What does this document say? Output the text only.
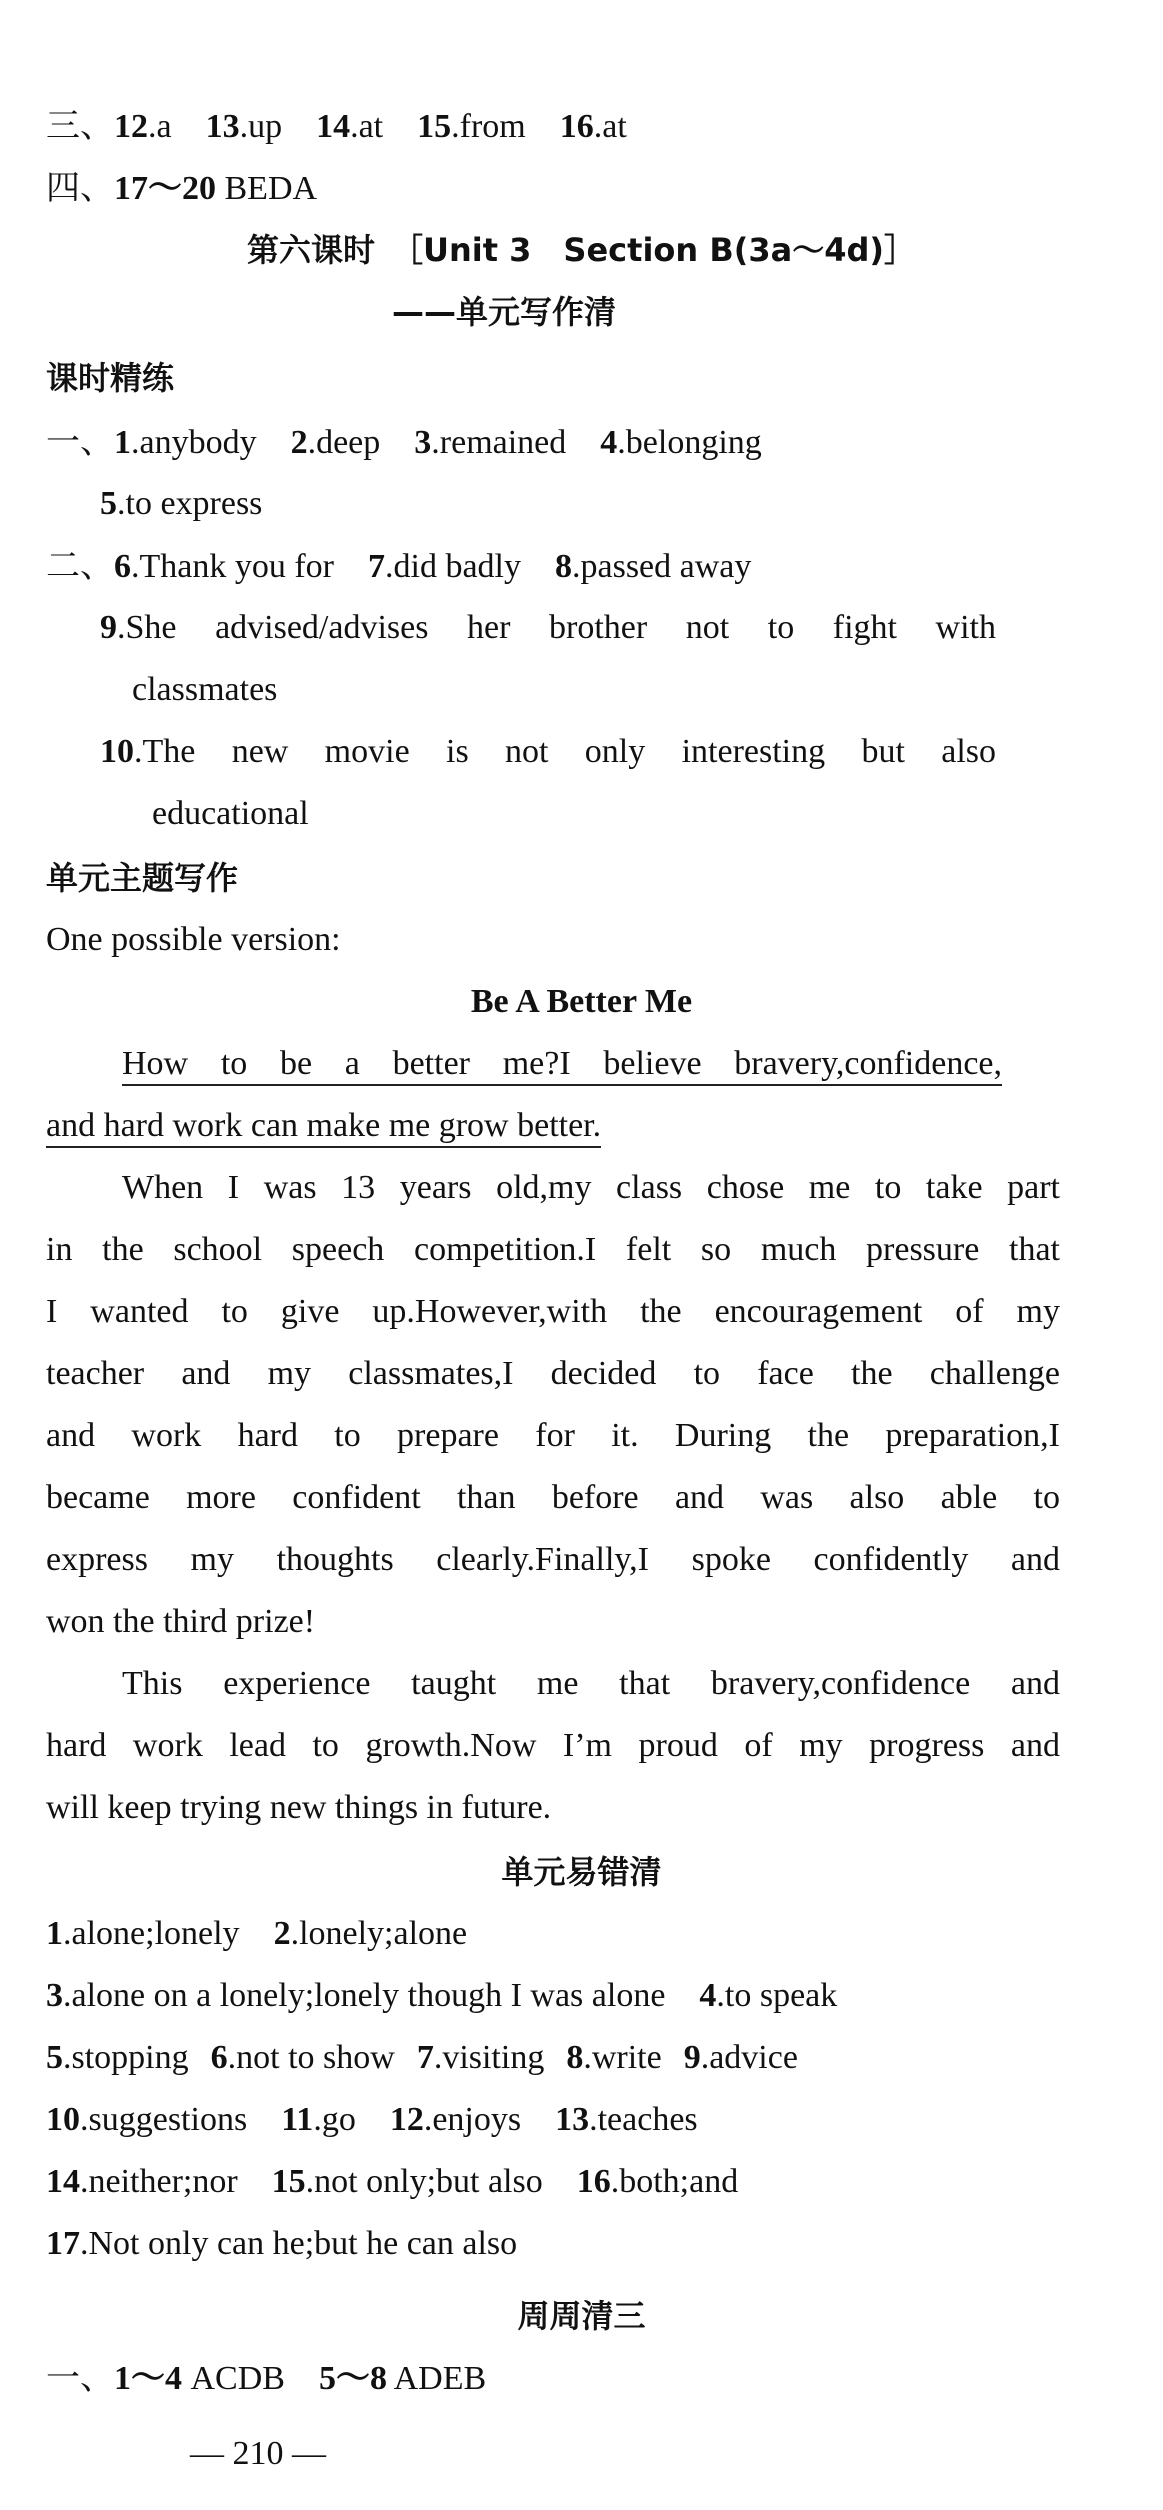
三、12.a 13.up 14.at 15.from 16.at
四、17～20 BEDA
第六课时　［Unit 3　Section B(3a～4d)］
——单元写作清
课时精练
一、1.anybody 2.deep 3.remained 4.belonging
5.to express
二、6.Thank you for 7.did badly 8.passed away
9.She advised/advises her brother not to fight with
classmates
10.The new movie is not only interesting but also
educational
单元主题写作
One possible version:
Be A Better Me
How to be a better me?I believe bravery,confidence,
and hard work can make me grow better.
When I was 13 years old,my class chose me to take part
in the school speech competition.I felt so much pressure that
I wanted to give up.However,with the encouragement of my
teacher and my classmates,I decided to face the challenge
and work hard to prepare for it. During the preparation,I
became more confident than before and was also able to
express my thoughts clearly.Finally,I spoke confidently and
won the third prize!
This experience taught me that bravery,confidence and
hard work lead to growth.Now I’m proud of my progress and
will keep trying new things in future.
单元易错清
1.alone;lonely 2.lonely;alone
3.alone on a lonely;lonely though I was alone 4.to speak
5.stopping 6.not to show 7.visiting 8.write 9.advice
10.suggestions 11.go 12.enjoys 13.teaches
14.neither;nor 15.not only;but also 16.both;and
17.Not only can he;but he can also
周周清三
一、1～4 ACDB 5～8 ADEB
— 210 —
